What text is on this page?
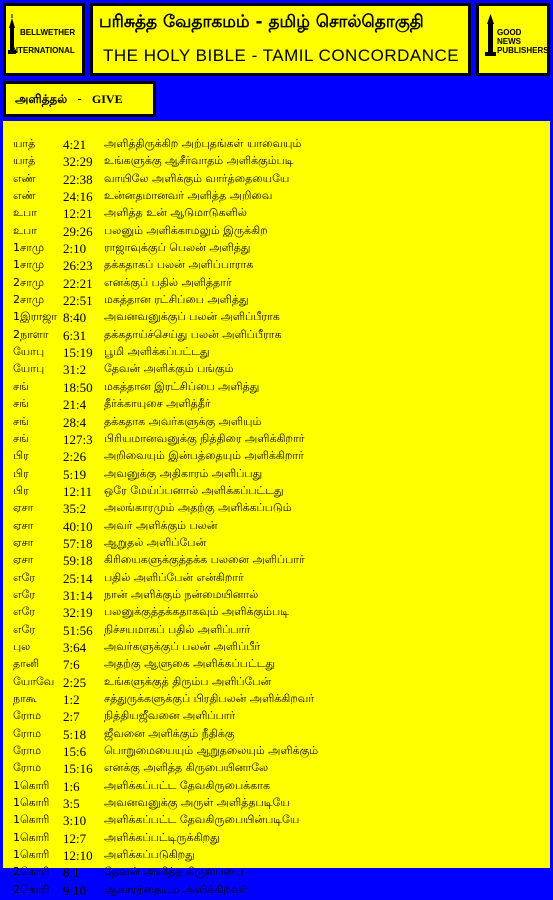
BELLWETHER
INTERNATIONAL
பரிசுத்த வேதாகமம் - தமிழ் சொல்தொகுதி
THE HOLY BIBLE - TAMIL CONCORDANCE
GOOD NEWS
PUBLISHERS
அளித்தல் - GIVE
யாத் 4:21 அளித்திருக்கிற அற்புதங்கள் யாவையும்
யாத் 32:29 உங்களுக்கு ஆசீர்வாதம் அளிக்கும்படி
எண் 22:38 வாயிலே அளிக்கும் வார்த்தையையே
எண் 24:16 உன்னதமானவர் அளித்த அறிவை
உபா 12:21 அளித்த உன் ஆடுமாடுகளில்
உபா 29:26 பலனும் அளிக்காமலும் இருக்கிற
1சாமு 2:10 ராஜாவுக்குப் பெலன் அளித்து
1சாமு 26:23 தக்கதாகப் பலன் அளிப்பாராக
2சாமு 22:21 எனக்குப் பதில் அளித்தார்
2சாமு 22:51 மகத்தான ரட்சிப்பை அளித்து
1இராஜா 8:40 அவனவனுக்குப் பலன் அளிப்பீராக
2நாளா 6:31 தக்கதாய்ச்செய்து பலன் அளிப்பீராக
யோபு 15:19 பூமி அளிக்கப்பட்டது
யோபு 31:2 தேவன் அளிக்கும் பங்கும்
சங்	18:50 மகத்தான இரட்சிப்பை அளித்து
சங்	21:4 தீர்க்காயுசை அளித்தீர்
சங்	28:4 தக்கதாக அவர்களுக்கு அளியும்
சங்	127:3 பிரியமானவனுக்கு நித்திரை அளிக்கிறார்
பிர	2:26 அறிவையும் இன்பத்தையும் அளிக்கிறார்
பிர	5:19 அவனுக்கு அதிகாரம் அளிப்பது
பிர	12:11 ஒரே மேய்ப்பனால் அளிக்கப்பட்டது
ஏசா 35:2 அலங்காரமும் அதற்கு அளிக்கப்படும்
ஏசா 40:10 அவர் அளிக்கும் பலன்
ஏசா 57:18 ஆறுதல் அளிப்பேன்
ஏசா 59:18 கிரியைகளுக்குத்தக்க பலனை அளிப்பார்
எரே 25:14 பதில் அளிப்பேன் என்கிறார்
எரே 31:14 நான் அளிக்கும் நன்மையினால்
எரே 32:19 பலனுக்குத்தக்கதாகவும் அளிக்கும்படி
எரே 51:56 நிச்சயமாகப் பதில் அளிப்பார்
புல	3:64 அவர்களுக்குப் பலன் அளிப்பீர்
தானி 7:6 அதற்கு ஆளுகை அளிக்கப்பட்டது
யோவே 2:25 உங்களுக்குத் திரும்ப அளிப்பேன்
நாகூ 1:2 சத்துருக்களுக்குப் பிரதிபலன் அளிக்கிறவர்
ரோம 2:7 நித்தியஜீவனை அளிப்பார்
ரோம 5:18 ஜீவனை அளிக்கும் நீதிக்கு
ரோம 15:6 பொறுமையையும் ஆறுதலையும் அளிக்கும்
ரோம 15:16 எனக்கு அளித்த கிருபையினாலே
1கொரி 1:6 அளிக்கப்பட்ட தேவகிருபைக்காக
1கொரி 3:5 அவனவனுக்கு அருள் அளித்தபடியே
1கொரி 3:10 அளிக்கப்பட்ட தேவகிருபையின்படியே
1கொரி 12:7 அளிக்கப்பட்டிருக்கிறது
1கொரி 12:10 அளிக்கப்படுகிறது
2கொரி 8:1 தேவன் அளித்த கிருபையை
2கொரி 9:10 ஆகாரத்தையும் அளிக்கிறவர்
